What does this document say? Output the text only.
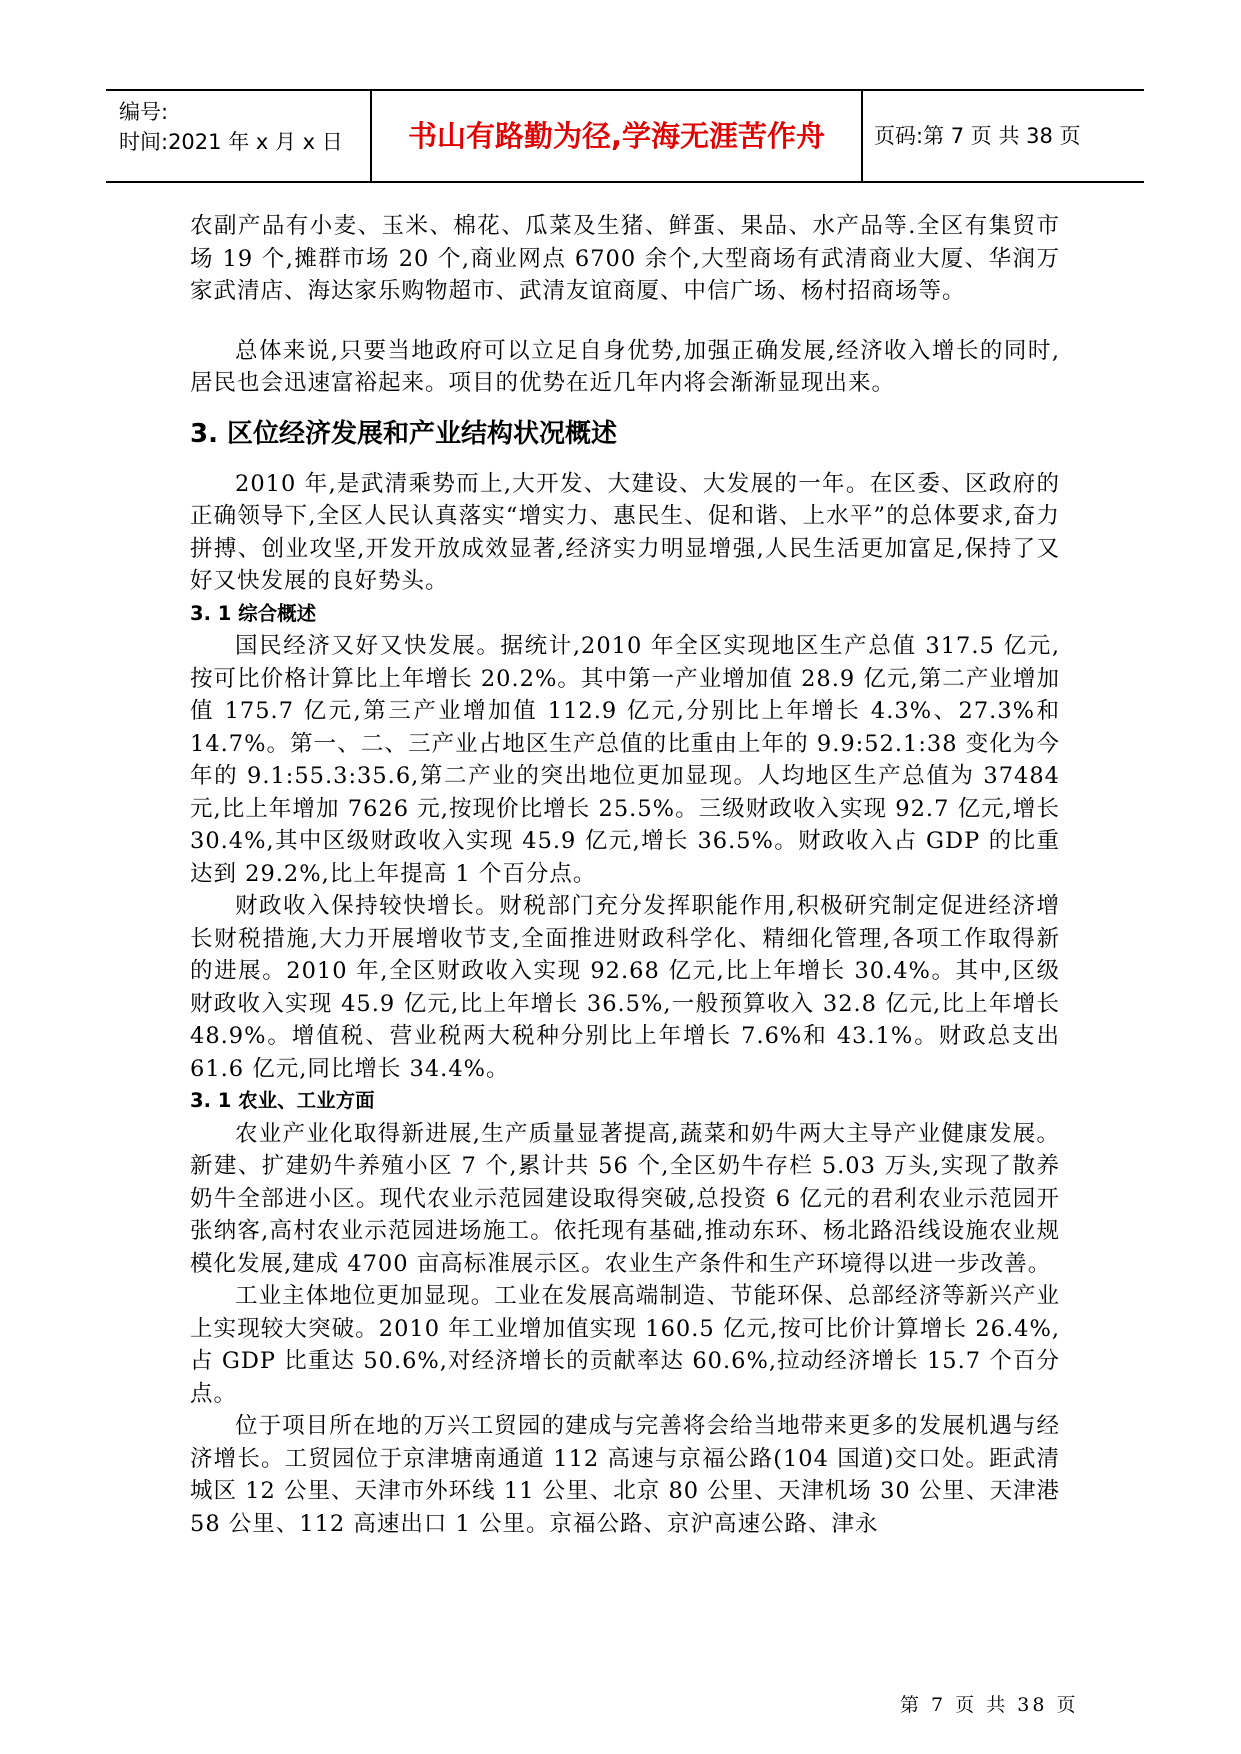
编号:
时间:2021 年 x 月 x 日	书山有路勤为径,学海无涯苦作舟	页码:第 7 页 共 38 页

农副产品有小麦、玉米、棉花、瓜菜及生猪、鲜蛋、果品、水产品等.全区有集贸市场 19 个,摊群市场 20 个,商业网点 6700 余个,大型商场有武清商业大厦、华润万家武清店、海达家乐购物超市、武清友谊商厦、中信广场、杨村招商场等。

总体来说,只要当地政府可以立足自身优势,加强正确发展,经济收入增长的同时,居民也会迅速富裕起来。项目的优势在近几年内将会渐渐显现出来。

3. 区位经济发展和产业结构状况概述

2010 年,是武清乘势而上,大开发、大建设、大发展的一年。在区委、区政府的正确领导下,全区人民认真落实“增实力、惠民生、促和谐、上水平”的总体要求,奋力拼搏、创业攻坚,开发开放成效显著,经济实力明显增强,人民生活更加富足,保持了又好又快发展的良好势头。

3. 1 综合概述

国民经济又好又快发展。据统计,2010 年全区实现地区生产总值 317.5 亿元,按可比价格计算比上年增长 20.2%。其中第一产业增加值 28.9 亿元,第二产业增加值 175.7 亿元,第三产业增加值 112.9 亿元,分别比上年增长 4.3%、27.3%和 14.7%。第一、二、三产业占地区生产总值的比重由上年的 9.9:52.1:38 变化为今年的 9.1:55.3:35.6,第二产业的突出地位更加显现。人均地区生产总值为 37484 元,比上年增加 7626 元,按现价比增长 25.5%。三级财政收入实现 92.7 亿元,增长 30.4%,其中区级财政收入实现 45.9 亿元,增长 36.5%。财政收入占 GDP 的比重达到 29.2%,比上年提高 1 个百分点。

财政收入保持较快增长。财税部门充分发挥职能作用,积极研究制定促进经济增长财税措施,大力开展增收节支,全面推进财政科学化、精细化管理,各项工作取得新的进展。2010 年,全区财政收入实现 92.68 亿元,比上年增长 30.4%。其中,区级财政收入实现 45.9 亿元,比上年增长 36.5%,一般预算收入 32.8 亿元,比上年增长 48.9%。增值税、营业税两大税种分别比上年增长 7.6%和 43.1%。财政总支出 61.6 亿元,同比增长 34.4%。

3. 1 农业、工业方面

农业产业化取得新进展,生产质量显著提高,蔬菜和奶牛两大主导产业健康发展。新建、扩建奶牛养殖小区 7 个,累计共 56 个,全区奶牛存栏 5.03 万头,实现了散养奶牛全部进小区。现代农业示范园建设取得突破,总投资 6 亿元的君利农业示范园开张纳客,高村农业示范园进场施工。依托现有基础,推动东环、杨北路沿线设施农业规模化发展,建成 4700 亩高标准展示区。农业生产条件和生产环境得以进一步改善。

工业主体地位更加显现。工业在发展高端制造、节能环保、总部经济等新兴产业上实现较大突破。2010 年工业增加值实现 160.5 亿元,按可比价计算增长 26.4%,占 GDP 比重达 50.6%,对经济增长的贡献率达 60.6%,拉动经济增长 15.7 个百分点。

位于项目所在地的万兴工贸园的建成与完善将会给当地带来更多的发展机遇与经济增长。工贸园位于京津塘南通道 112 高速与京福公路(104 国道)交口处。距武清城区 12 公里、天津市外环线 11 公里、北京 80 公里、天津机场 30 公里、天津港 58 公里、112 高速出口 1 公里。京福公路、京沪高速公路、津永

第 7 页 共 38 页
